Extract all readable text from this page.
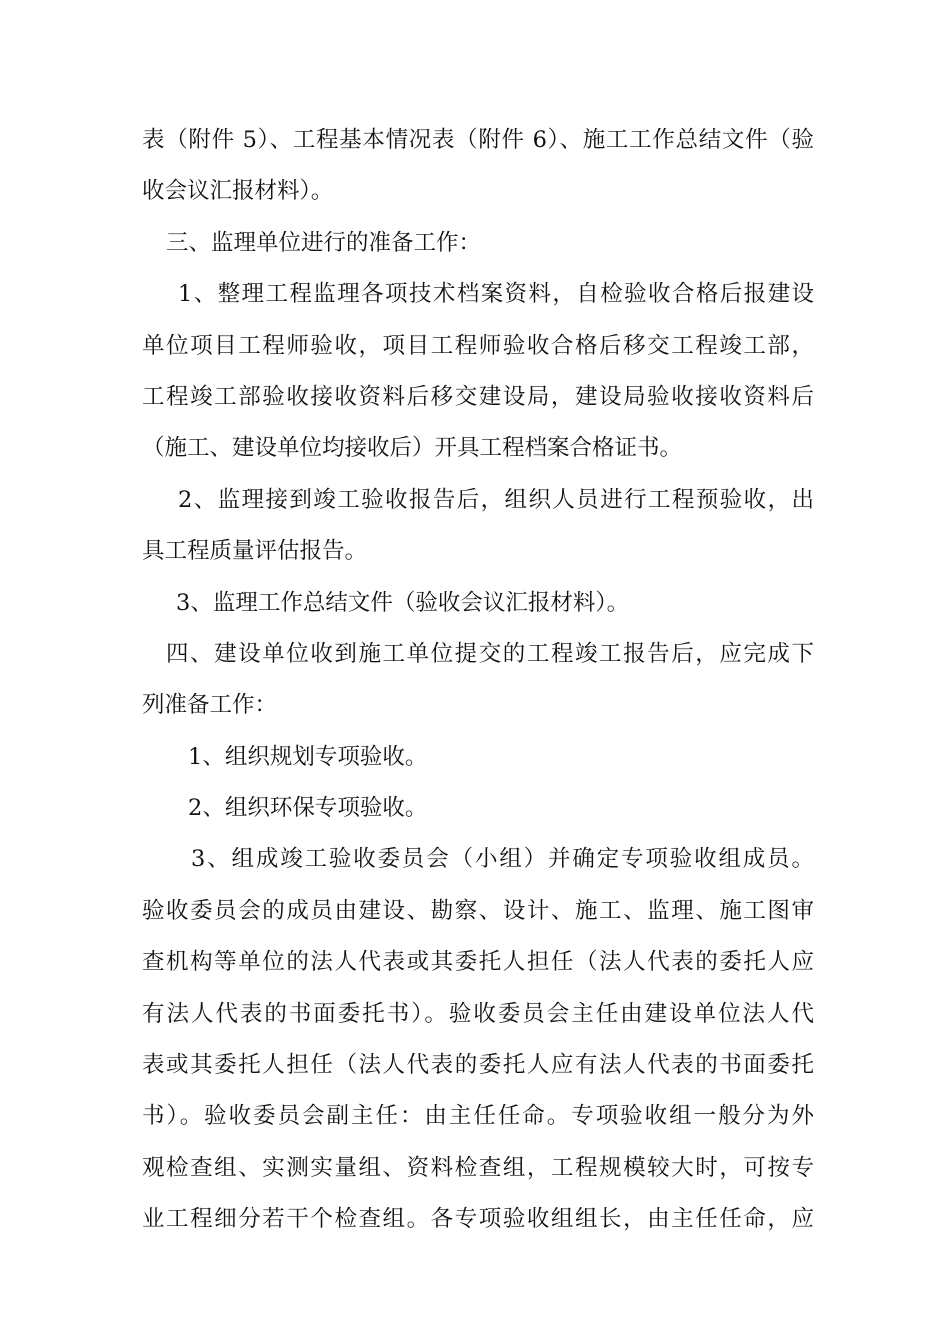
表（附件 5）、工程基本情况表（附件 6）、施工工作总结文件（验
收会议汇报材料）。
三、监理单位进行的准备工作：
1、整理工程监理各项技术档案资料，自检验收合格后报建设
单位项目工程师验收，项目工程师验收合格后移交工程竣工部，
工程竣工部验收接收资料后移交建设局，建设局验收接收资料后
（施工、建设单位均接收后）开具工程档案合格证书。
2、监理接到竣工验收报告后，组织人员进行工程预验收，出
具工程质量评估报告。
3、监理工作总结文件（验收会议汇报材料）。
四、建设单位收到施工单位提交的工程竣工报告后，应完成下
列准备工作：
1、组织规划专项验收。
2、组织环保专项验收。
3、组成竣工验收委员会（小组）并确定专项验收组成员。
验收委员会的成员由建设、勘察、设计、施工、监理、施工图审
查机构等单位的法人代表或其委托人担任（法人代表的委托人应
有法人代表的书面委托书）。验收委员会主任由建设单位法人代
表或其委托人担任（法人代表的委托人应有法人代表的书面委托
书）。验收委员会副主任：由主任任命。专项验收组一般分为外
观检查组、实测实量组、资料检查组，工程规模较大时，可按专
业工程细分若干个检查组。各专项验收组组长，由主任任命，应
